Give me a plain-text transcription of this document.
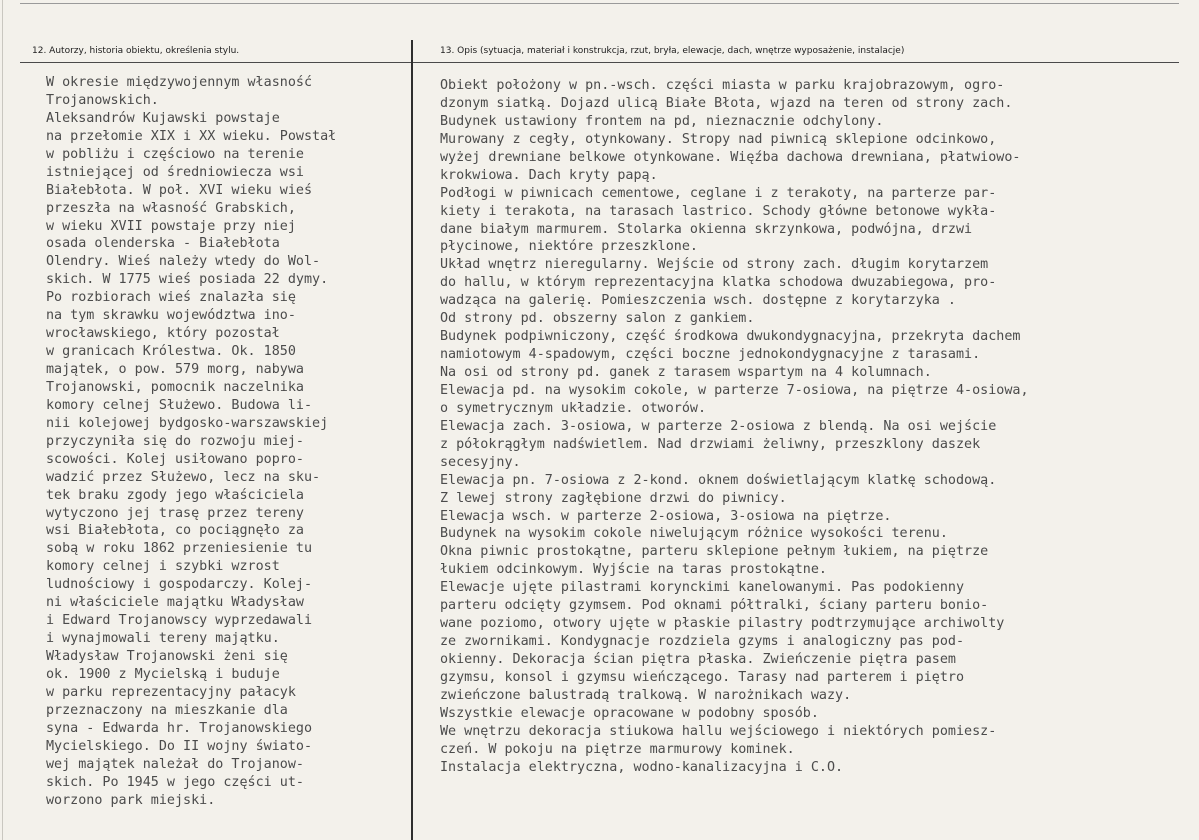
12. Autorzy, historia obiektu, określenia stylu.	13. Opis (sytuacja, materiał i konstrukcja, rzut, bryła, elewacje, dach, wnętrze wyposażenie, instalacje)
W okresie międzywojennym własność
Trojanowskich.
Aleksandrów Kujawski powstaje
na przełomie XIX i XX wieku. Powstał
w pobliżu i częściowo na terenie
istniejącej od średniowiecza wsi
Białebłota. W poł. XVI wieku wieś
przeszła na własność Grabskich,
w wieku XVII powstaje przy niej
osada olenderska - Białebłota
Olendry. Wieś należy wtedy do Wol-
skich. W 1775 wieś posiada 22 dymy.
Po rozbiorach wieś znalazła się
na tym skrawku województwa ino-
wrocławskiego, który pozostał
w granicach Królestwa. Ok. 1850
majątek, o pow. 579 morg, nabywa
Trojanowski, pomocnik naczelnika
komory celnej Służewo. Budowa li-
nii kolejowej bydgosko-warszawskiej
przyczyniła się do rozwoju miej-
scowości. Kolej usiłowano popro-
wadzić przez Służewo, lecz na sku-
tek braku zgody jego właściciela
wytyczono jej trasę przez tereny
wsi Białebłota, co pociągnęło za
sobą w roku 1862 przeniesienie tu
komory celnej i szybki wzrost
ludnościowy i gospodarczy. Kolej-
ni właściciele majątku Władysław
i Edward Trojanowscy wyprzedawali
i wynajmowali tereny majątku.
Władysław Trojanowski żeni się
ok. 1900 z Mycielską i buduje
w parku reprezentacyjny pałacyk
przeznaczony na mieszkanie dla
syna - Edwarda hr. Trojanowskiego
Mycielskiego. Do II wojny świato-
wej majątek należał do Trojanow-
skich. Po 1945 w jego części ut-
worzono park miejski.
Obiekt położony w pn.-wsch. części miasta w parku krajobrazowym, ogro-
dzonym siatką. Dojazd ulicą Białe Błota, wjazd na teren od strony zach.
Budynek ustawiony frontem na pd, nieznacznie odchylony.
Murowany z cegły, otynkowany. Stropy nad piwnicą sklepione odcinkowo,
wyżej drewniane belkowe otynkowane. Więźba dachowa drewniana, płatwiowo-
krokwiowa. Dach kryty papą.
Podłogi w piwnicach cementowe, ceglane i z terakoty, na parterze par-
kiety i terakota, na tarasach lastrico. Schody główne betonowe wykła-
dane białym marmurem. Stolarka okienna skrzynkowa, podwójna, drzwi
płycinowe, niektóre przeszklone.
Układ wnętrz nieregularny. Wejście od strony zach. długim korytarzem
do hallu, w którym reprezentacyjna klatka schodowa dwuzabiegowa, pro-
wadząca na galerię. Pomieszczenia wsch. dostępne z korytarzyka .
Od strony pd. obszerny salon z gankiem.
Budynek podpiwniczony, część środkowa dwukondygnacyjna, przekryta dachem
namiotowym 4-spadowym, części boczne jednokondygnacyjne z tarasami.
Na osi od strony pd. ganek z tarasem wspartym na 4 kolumnach.
Elewacja pd. na wysokim cokole, w parterze 7-osiowa, na piętrze 4-osiowa,
o symetrycznym układzie. otworów.
Elewacja zach. 3-osiowa, w parterze 2-osiowa z blendą. Na osi wejście
z półokrągłym nadświetlem. Nad drzwiami żeliwny, przeszklony daszek
secesyjny.
Elewacja pn. 7-osiowa z 2-kond. oknem doświetlającym klatkę schodową.
Z lewej strony zagłębione drzwi do piwnicy.
Elewacja wsch. w parterze 2-osiowa, 3-osiowa na piętrze.
Budynek na wysokim cokole niwelującym różnice wysokości terenu.
Okna piwnic prostokątne, parteru sklepione pełnym łukiem, na piętrze
łukiem odcinkowym. Wyjście na taras prostokątne.
Elewacje ujęte pilastrami korynckimi kanelowanymi. Pas podokienny
parteru odcięty gzymsem. Pod oknami półtralki, ściany parteru bonio-
wane poziomo, otwory ujęte w płaskie pilastry podtrzymujące archiwolty
ze zwornikami. Kondygnacje rozdziela gzyms i analogiczny pas pod-
okienny. Dekoracja ścian piętra płaska. Zwieńczenie piętra pasem
gzymsu, konsol i gzymsu wieńczącego. Tarasy nad parterem i piętro
zwieńczone balustradą tralkową. W narożnikach wazy.
Wszystkie elewacje opracowane w podobny sposób.
We wnętrzu dekoracja stiukowa hallu wejściowego i niektórych pomiesz-
czeń. W pokoju na piętrze marmurowy kominek.
Instalacja elektryczna, wodno-kanalizacyjna i C.O.
